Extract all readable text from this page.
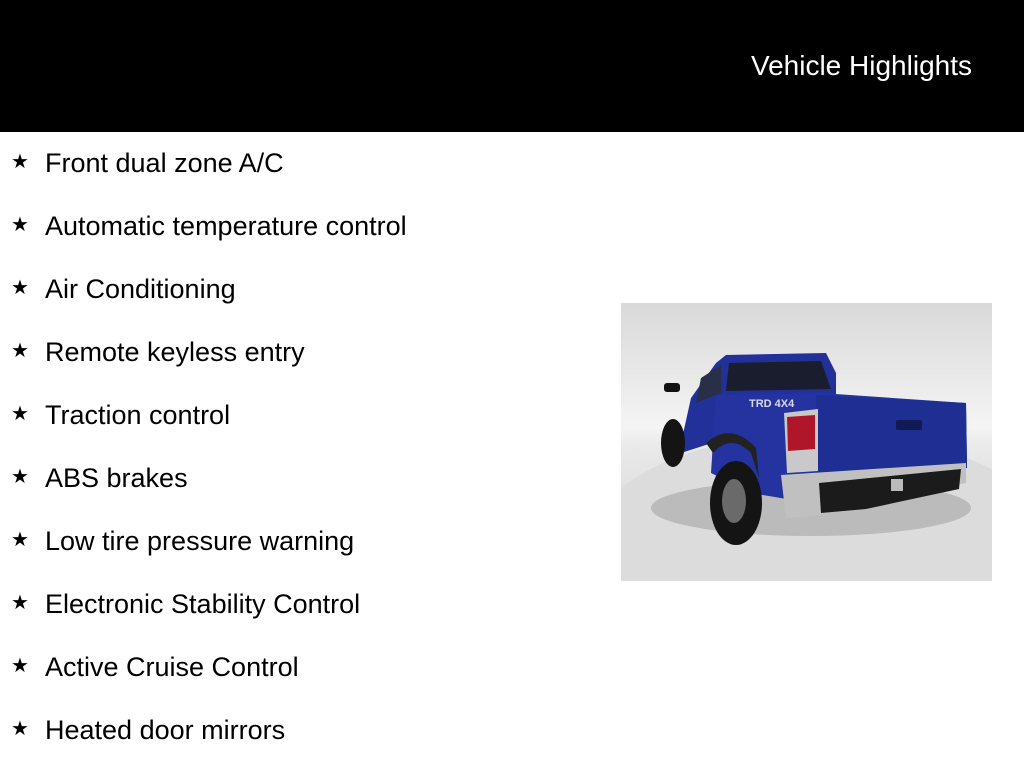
Vehicle Highlights
★ Front dual zone A/C
★ Automatic temperature control
★ Air Conditioning
★ Remote keyless entry
★ Traction control
★ ABS brakes
★ Low tire pressure warning
★ Electronic Stability Control
★ Active Cruise Control
★ Heated door mirrors
TRD 4X4
